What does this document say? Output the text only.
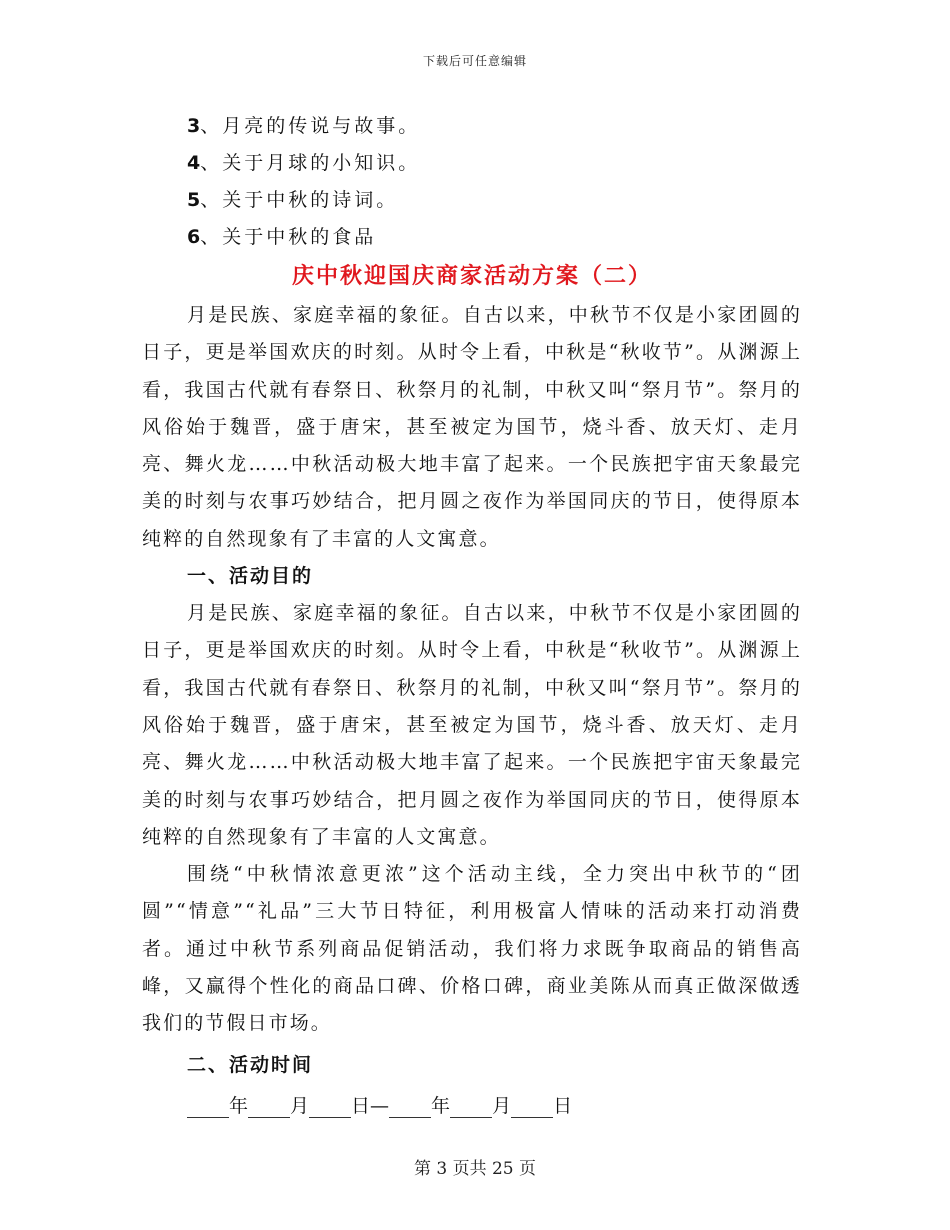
下载后可任意编辑
3、月亮的传说与故事。
4、关于月球的小知识。
5、关于中秋的诗词。
6、关于中秋的食品
庆中秋迎国庆商家活动方案（二）

月是民族、家庭幸福的象征。自古以来，中秋节不仅是小家团圆的日子，更是举国欢庆的时刻。从时令上看，中秋是“秋收节”。从渊源上看，我国古代就有春祭日、秋祭月的礼制，中秋又叫“祭月节”。祭月的风俗始于魏晋，盛于唐宋，甚至被定为国节，烧斗香、放天灯、走月亮、舞火龙……中秋活动极大地丰富了起来。一个民族把宇宙天象最完美的时刻与农事巧妙结合，把月圆之夜作为举国同庆的节日，使得原本纯粹的自然现象有了丰富的人文寓意。

一、活动目的

月是民族、家庭幸福的象征。自古以来，中秋节不仅是小家团圆的日子，更是举国欢庆的时刻。从时令上看，中秋是“秋收节”。从渊源上看，我国古代就有春祭日、秋祭月的礼制，中秋又叫“祭月节”。祭月的风俗始于魏晋，盛于唐宋，甚至被定为国节，烧斗香、放天灯、走月亮、舞火龙……中秋活动极大地丰富了起来。一个民族把宇宙天象最完美的时刻与农事巧妙结合，把月圆之夜作为举国同庆的节日，使得原本纯粹的自然现象有了丰富的人文寓意。

围绕“中秋情浓意更浓”这个活动主线，全力突出中秋节的“团圆”“情意”“礼品”三大节日特征，利用极富人情味的活动来打动消费者。通过中秋节系列商品促销活动，我们将力求既争取商品的销售高峰，又赢得个性化的商品口碑、价格口碑，商业美陈从而真正做深做透我们的节假日市场。

二、活动时间
年 月 日— 年 月 日
第 3 页共 25 页
